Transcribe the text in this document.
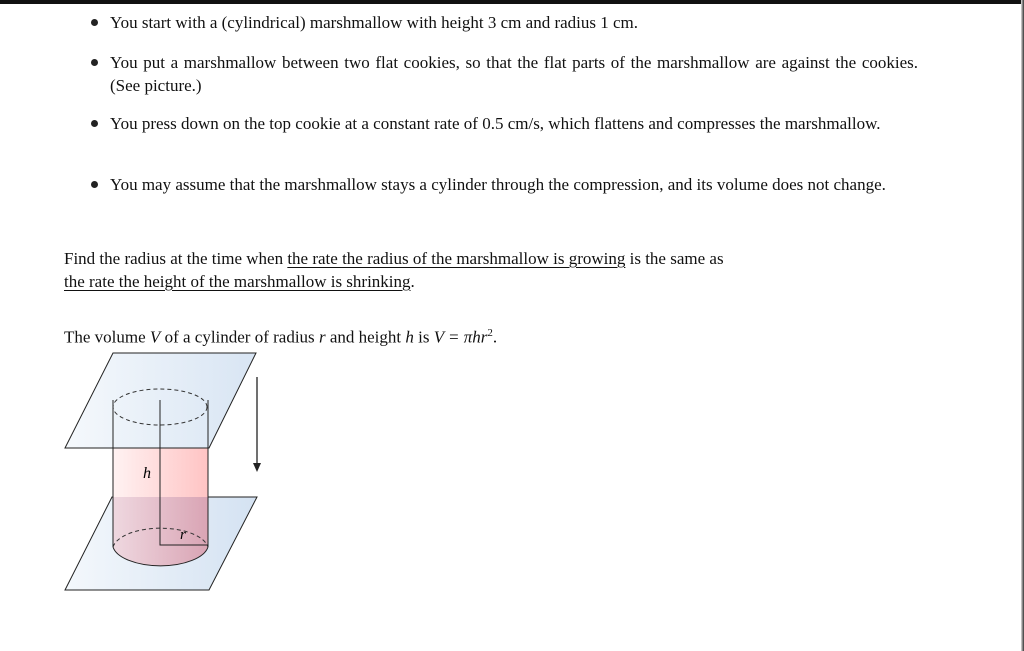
You start with a (cylindrical) marshmallow with height 3 cm and radius 1 cm.
You put a marshmallow between two flat cookies, so that the flat parts of the marshmallow are against the cookies. (See picture.)
You press down on the top cookie at a constant rate of 0.5 cm/s, which flattens and compresses the marshmallow.
You may assume that the marshmallow stays a cylinder through the compression, and its volume does not change.
Find the radius at the time when the rate the radius of the marshmallow is growing is the same as
the rate the height of the marshmallow is shrinking.
The volume V of a cylinder of radius r and height h is V = πhr$^2$.
h
r
